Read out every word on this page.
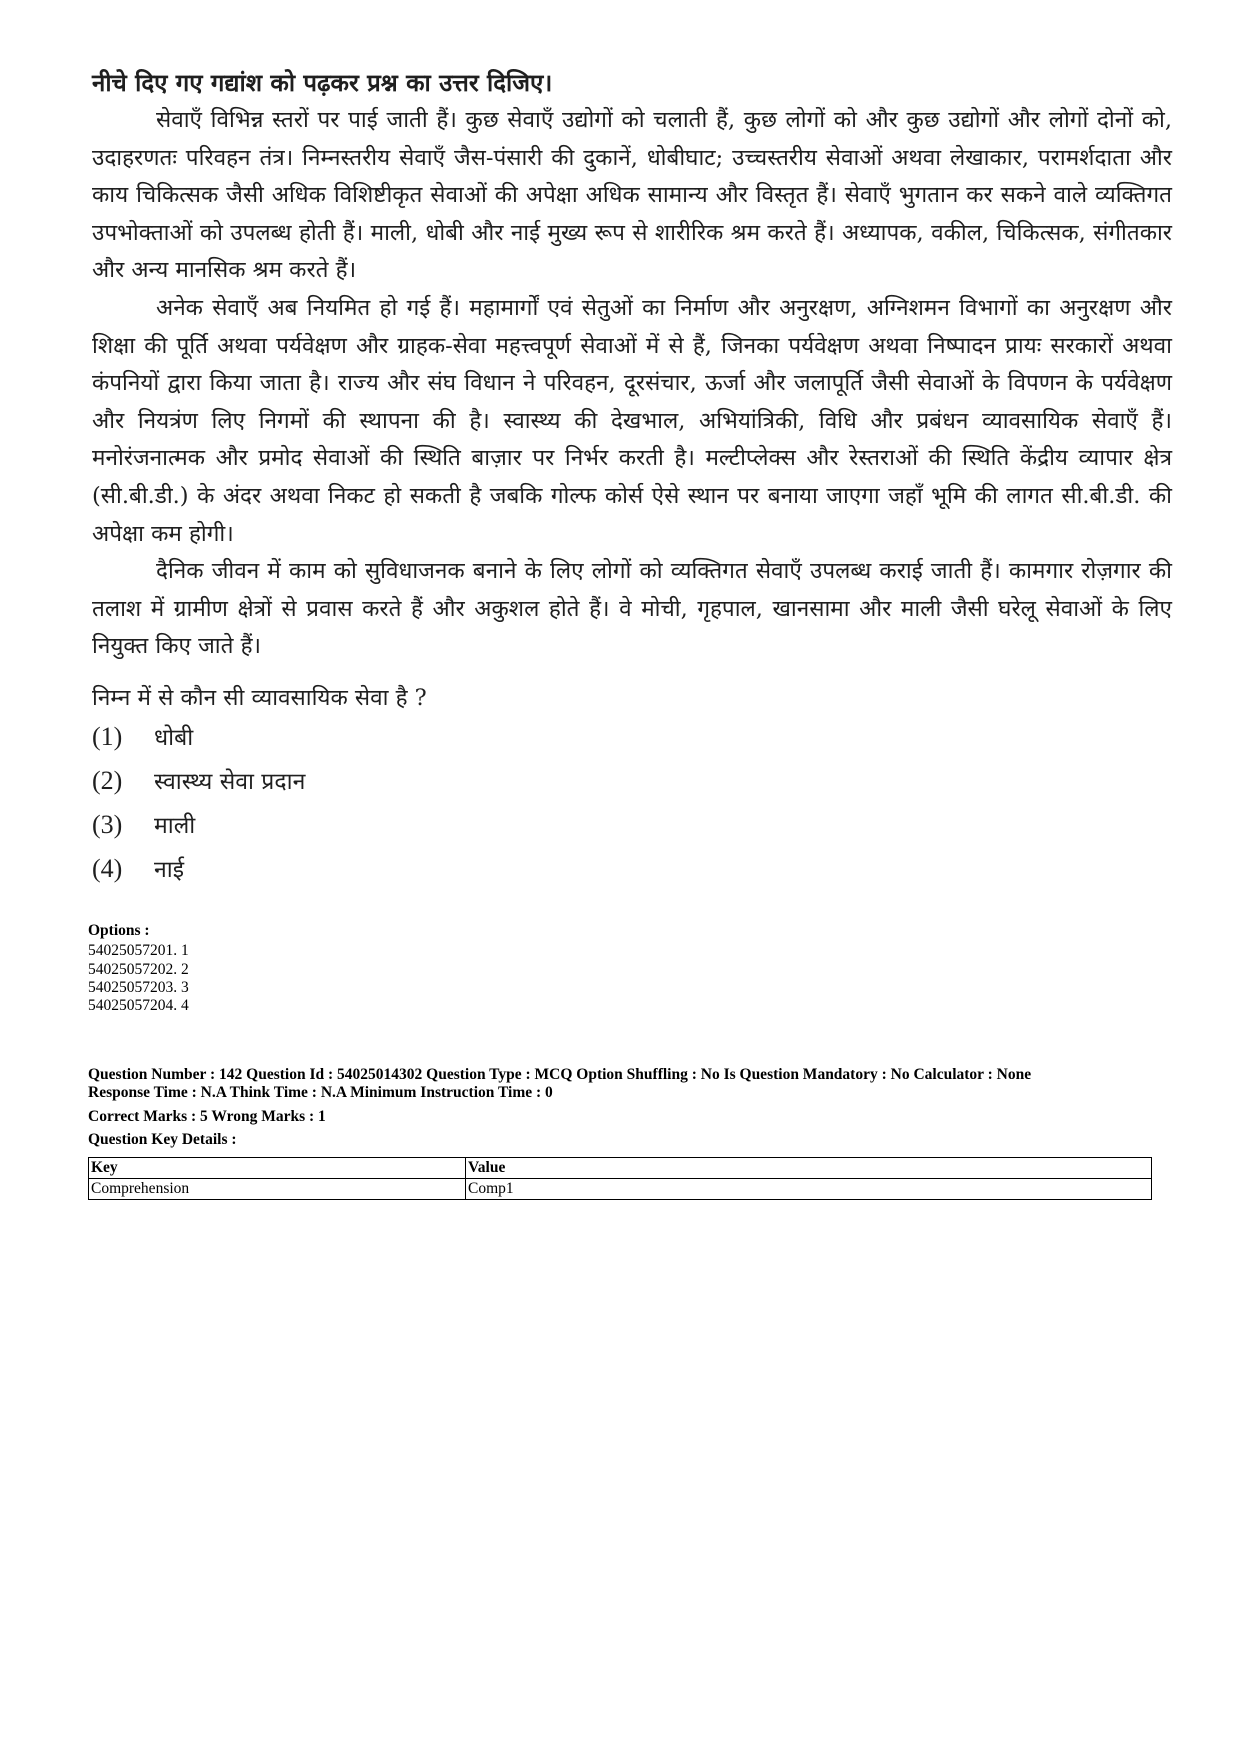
नीचे दिए गए गद्यांश को पढ़कर प्रश्न का उत्तर दिजिए।

सेवाएँ विभिन्न स्तरों पर पाई जाती हैं। कुछ सेवाएँ उद्योगों को चलाती हैं, कुछ लोगों को और कुछ उद्योगों और लोगों दोनों को, उदाहरणतः परिवहन तंत्र। निम्नस्तरीय सेवाएँ जैस-पंसारी की दुकानें, धोबीघाट; उच्चस्तरीय सेवाओं अथवा लेखाकार, परामर्शदाता और काय चिकित्सक जैसी अधिक विशिष्टीकृत सेवाओं की अपेक्षा अधिक सामान्य और विस्तृत हैं। सेवाएँ भुगतान कर सकने वाले व्यक्तिगत उपभोक्ताओं को उपलब्ध होती हैं। माली, धोबी और नाई मुख्य रूप से शारीरिक श्रम करते हैं। अध्यापक, वकील, चिकित्सक, संगीतकार और अन्य मानसिक श्रम करते हैं।

अनेक सेवाएँ अब नियमित हो गई हैं। महामार्गों एवं सेतुओं का निर्माण और अनुरक्षण, अग्निशमन विभागों का अनुरक्षण और शिक्षा की पूर्ति अथवा पर्यवेक्षण और ग्राहक-सेवा महत्त्वपूर्ण सेवाओं में से हैं, जिनका पर्यवेक्षण अथवा निष्पादन प्रायः सरकारों अथवा कंपनियों द्वारा किया जाता है। राज्य और संघ विधान ने परिवहन, दूरसंचार, ऊर्जा और जलापूर्ति जैसी सेवाओं के विपणन के पर्यवेक्षण और नियत्रंण लिए निगमों की स्थापना की है। स्वास्थ्य की देखभाल, अभियांत्रिकी, विधि और प्रबंधन व्यावसायिक सेवाएँ हैं। मनोरंजनात्मक और प्रमोद सेवाओं की स्थिति बाज़ार पर निर्भर करती है। मल्टीप्लेक्स और रेस्तराओं की स्थिति केंद्रीय व्यापार क्षेत्र (सी.बी.डी.) के अंदर अथवा निकट हो सकती है जबकि गोल्फ कोर्स ऐसे स्थान पर बनाया जाएगा जहाँ भूमि की लागत सी.बी.डी. की अपेक्षा कम होगी।

दैनिक जीवन में काम को सुविधाजनक बनाने के लिए लोगों को व्यक्तिगत सेवाएँ उपलब्ध कराई जाती हैं। कामगार रोज़गार की तलाश में ग्रामीण क्षेत्रों से प्रवास करते हैं और अकुशल होते हैं। वे मोची, गृहपाल, खानसामा और माली जैसी घरेलू सेवाओं के लिए नियुक्त किए जाते हैं।

निम्न में से कौन सी व्यावसायिक सेवा है ?
(1)	धोबी
(2)	स्वास्थ्य सेवा प्रदान
(3)	माली
(4)	नाई
Options :
54025057201. 1
54025057202. 2
54025057203. 3
54025057204. 4
Question Number : 142 Question Id : 54025014302 Question Type : MCQ Option Shuffling : No Is Question Mandatory : No Calculator : None
Response Time : N.A Think Time : N.A Minimum Instruction Time : 0
Correct Marks : 5 Wrong Marks : 1
Question Key Details :
Key	Value
Comprehension	Comp1
